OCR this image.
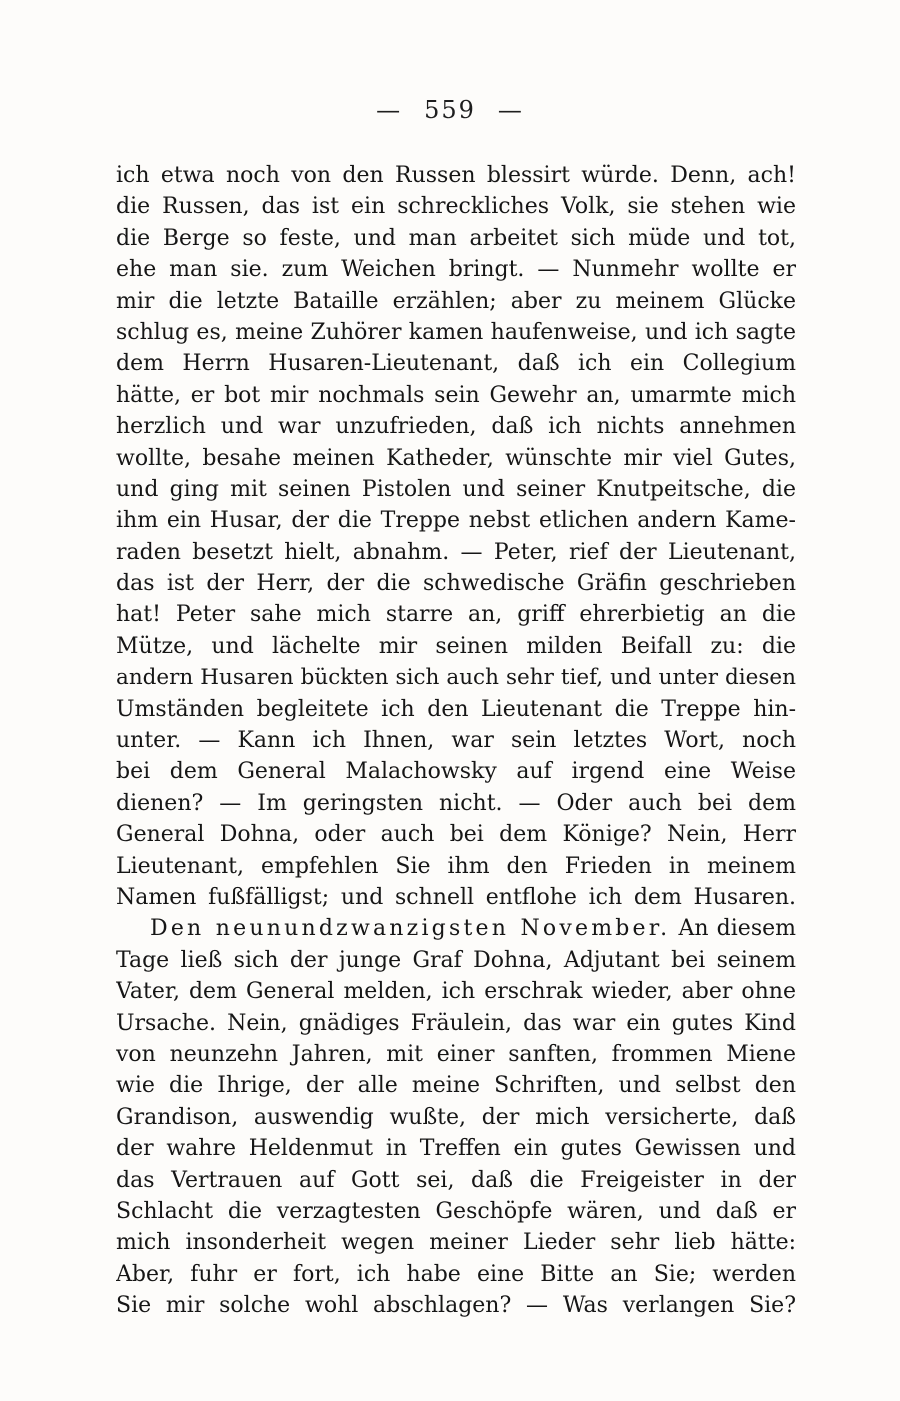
— 559 —
ich etwa noch von den Russen blessirt würde. Denn, ach!
die Russen, das ist ein schreckliches Volk, sie stehen wie
die Berge so feste, und man arbeitet sich müde und tot,
ehe man sie. zum Weichen bringt. — Nunmehr wollte er
mir die letzte Bataille erzählen; aber zu meinem Glücke
schlug es, meine Zuhörer kamen haufenweise, und ich sagte
dem Herrn Husaren-Lieutenant, daß ich ein Collegium
hätte, er bot mir nochmals sein Gewehr an, umarmte mich
herzlich und war unzufrieden, daß ich nichts annehmen
wollte, besahe meinen Katheder, wünschte mir viel Gutes,
und ging mit seinen Pistolen und seiner Knutpeitsche, die
ihm ein Husar, der die Treppe nebst etlichen andern Kame-
raden besetzt hielt, abnahm. — Peter, rief der Lieutenant,
das ist der Herr, der die schwedische Gräfin geschrieben
hat! Peter sahe mich starre an, griff ehrerbietig an die
Mütze, und lächelte mir seinen milden Beifall zu: die
andern Husaren bückten sich auch sehr tief, und unter diesen
Umständen begleitete ich den Lieutenant die Treppe hin-
unter. — Kann ich Ihnen, war sein letztes Wort, noch
bei dem General Malachowsky auf irgend eine Weise
dienen? — Im geringsten nicht. — Oder auch bei dem
General Dohna, oder auch bei dem Könige? Nein, Herr
Lieutenant, empfehlen Sie ihm den Frieden in meinem
Namen fußfälligst; und schnell entflohe ich dem Husaren.
Den neunundzwanzigsten November. An diesem
Tage ließ sich der junge Graf Dohna, Adjutant bei seinem
Vater, dem General melden, ich erschrak wieder, aber ohne
Ursache. Nein, gnädiges Fräulein, das war ein gutes Kind
von neunzehn Jahren, mit einer sanften, frommen Miene
wie die Ihrige, der alle meine Schriften, und selbst den
Grandison, auswendig wußte, der mich versicherte, daß
der wahre Heldenmut in Treffen ein gutes Gewissen und
das Vertrauen auf Gott sei, daß die Freigeister in der
Schlacht die verzagtesten Geschöpfe wären, und daß er
mich insonderheit wegen meiner Lieder sehr lieb hätte:
Aber, fuhr er fort, ich habe eine Bitte an Sie; werden
Sie mir solche wohl abschlagen? — Was verlangen Sie?
